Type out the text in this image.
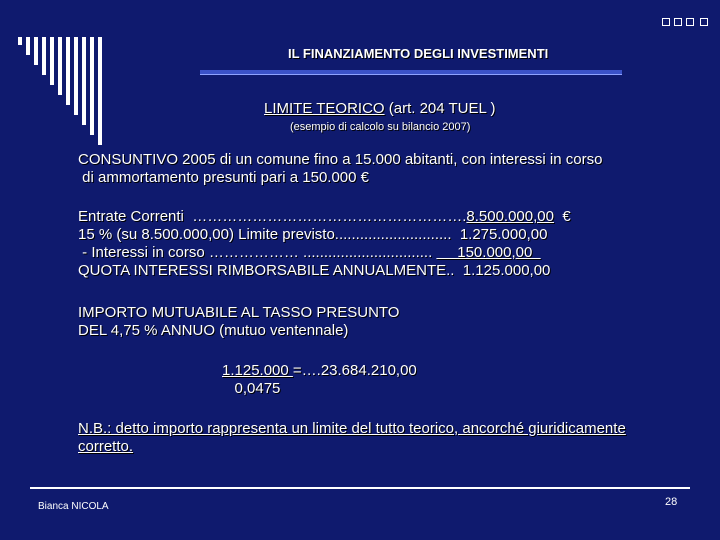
IL FINANZIAMENTO DEGLI INVESTIMENTI
LIMITE TEORICO (art. 204 TUEL )
(esempio di calcolo su bilancio 2007)
CONSUNTIVO 2005 di un comune fino a 15.000 abitanti, con interessi in corso
di ammortamento presunti pari a 150.000 €
Entrate Correnti  ……………………………………………….8.500.000,00  €
15 % (su 8.500.000,00) Limite previsto............................  1.275.000,00
- Interessi in corso ……………… ...............................      150.000,00
QUOTA INTERESSI RIMBORSABILE ANNUALMENTE..  1.125.000,00
IMPORTO MUTUABILE AL TASSO PRESUNTO
DEL 4,75 % ANNUO (mutuo ventennale)
1.125.000 =….23.684.210,00
0,0475
N.B.: detto importo rappresenta un limite del tutto teorico, ancorché giuridicamente
corretto.
Bianca NICOLA	28
